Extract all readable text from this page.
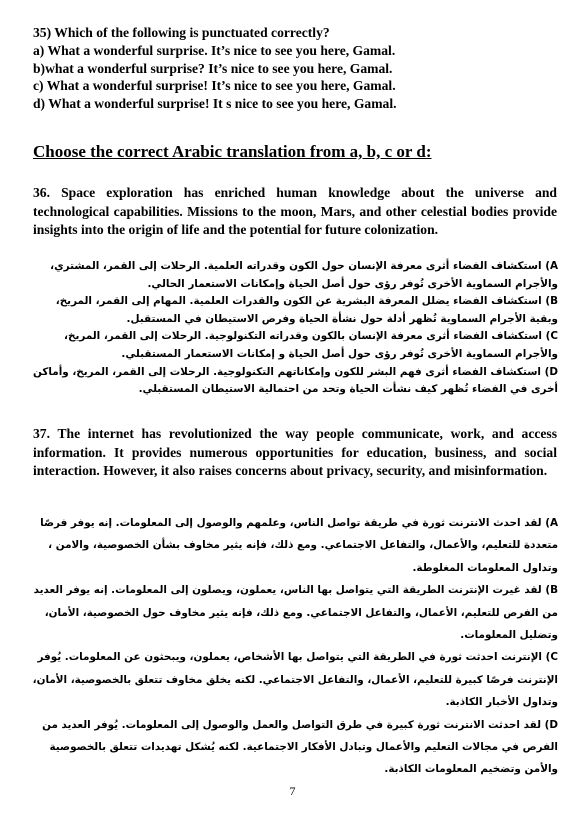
35) Which of the following is punctuated correctly?
a) What a wonderful surprise. It’s nice to see you here, Gamal.
b)what a wonderful surprise? It’s nice to see you here, Gamal.
c) What a wonderful surprise! It’s nice to see you here, Gamal.
d) What a wonderful surprise! It s nice to see you here, Gamal.
Choose the correct Arabic translation from a, b, c or d:
36. Space exploration has enriched human knowledge about the universe and technological capabilities. Missions to the moon, Mars, and other celestial bodies provide insights into the origin of life and the potential for future colonization.
A) استكشاف الفضاء أثرى معرفة الإنسان حول الكون وقدراته العلمية. الرحلات إلى القمر، المشتري، والأجرام السماوية الأخرى تُوفر رؤى حول أصل الحياة وإمكانات الاستعمار الحالي.
B) استكشاف الفضاء يضلل المعرفة البشرية عن الكون والقدرات العلمية. المهام إلى القمر، المريخ، وبقية الأجرام السماوية تُظهر أدلة حول نشأة الحياة وفرص الاستيطان في المستقبل.
C) استكشاف الفضاء أثرى معرفة الإنسان بالكون وقدراته التكنولوجية. الرحلات إلى القمر، المريخ، والأجرام السماوية الأخرى تُوفر رؤى حول أصل الحياة و إمكانات الاستعمار المستقبلي.
D) استكشاف الفضاء أثرى فهم البشر للكون وإمكاناتهم التكنولوجية. الرحلات إلى القمر، المريخ، وأماكن أخرى في الفضاء تُظهر كيف نشأت الحياة وتحد من احتمالية الاستيطان المستقبلي.
37. The internet has revolutionized the way people communicate, work, and access information. It provides numerous opportunities for education, business, and social interaction. However, it also raises concerns about privacy, security, and misinformation.
A) لقد احدث الانترنت ثورة في طريقة تواصل الناس، وعلمهم والوصول إلى المعلومات. إنه يوفر فرصًا متعددة للتعليم، والأعمال، والتفاعل الاجتماعي. ومع ذلك، فإنه يثير مخاوف بشأن الخصوصية، والامن ، وتداول المعلومات المغلوطة.
B) لقد غيرت الإنترنت الطريقة التي يتواصل بها الناس، يعملون، ويصلون إلى المعلومات. إنه يوفر العديد من الفرص للتعليم، الأعمال، والتفاعل الاجتماعي. ومع ذلك، فإنه يثير مخاوف حول الخصوصية، الأمان، وتضليل المعلومات.
C) الإنترنت احدثت ثورة في الطريقة التي يتواصل بها الأشخاص، يعملون، ويبحثون عن المعلومات. يُوفر الإنترنت فرصًا كبيرة للتعليم، الأعمال، والتفاعل الاجتماعي. لكنه يخلق مخاوف تتعلق بالخصوصية، الأمان، وتداول الأخبار الكاذبة.
D) لقد احدثت الانترنت ثورة كبيرة في طرق التواصل والعمل والوصول إلى المعلومات. يُوفر العديد من الفرص في مجالات التعليم والأعمال وتبادل الأفكار الاجتماعية. لكنه يُشكل تهديدات تتعلق بالخصوصية والأمن وتضخيم المعلومات الكاذبة.
7
